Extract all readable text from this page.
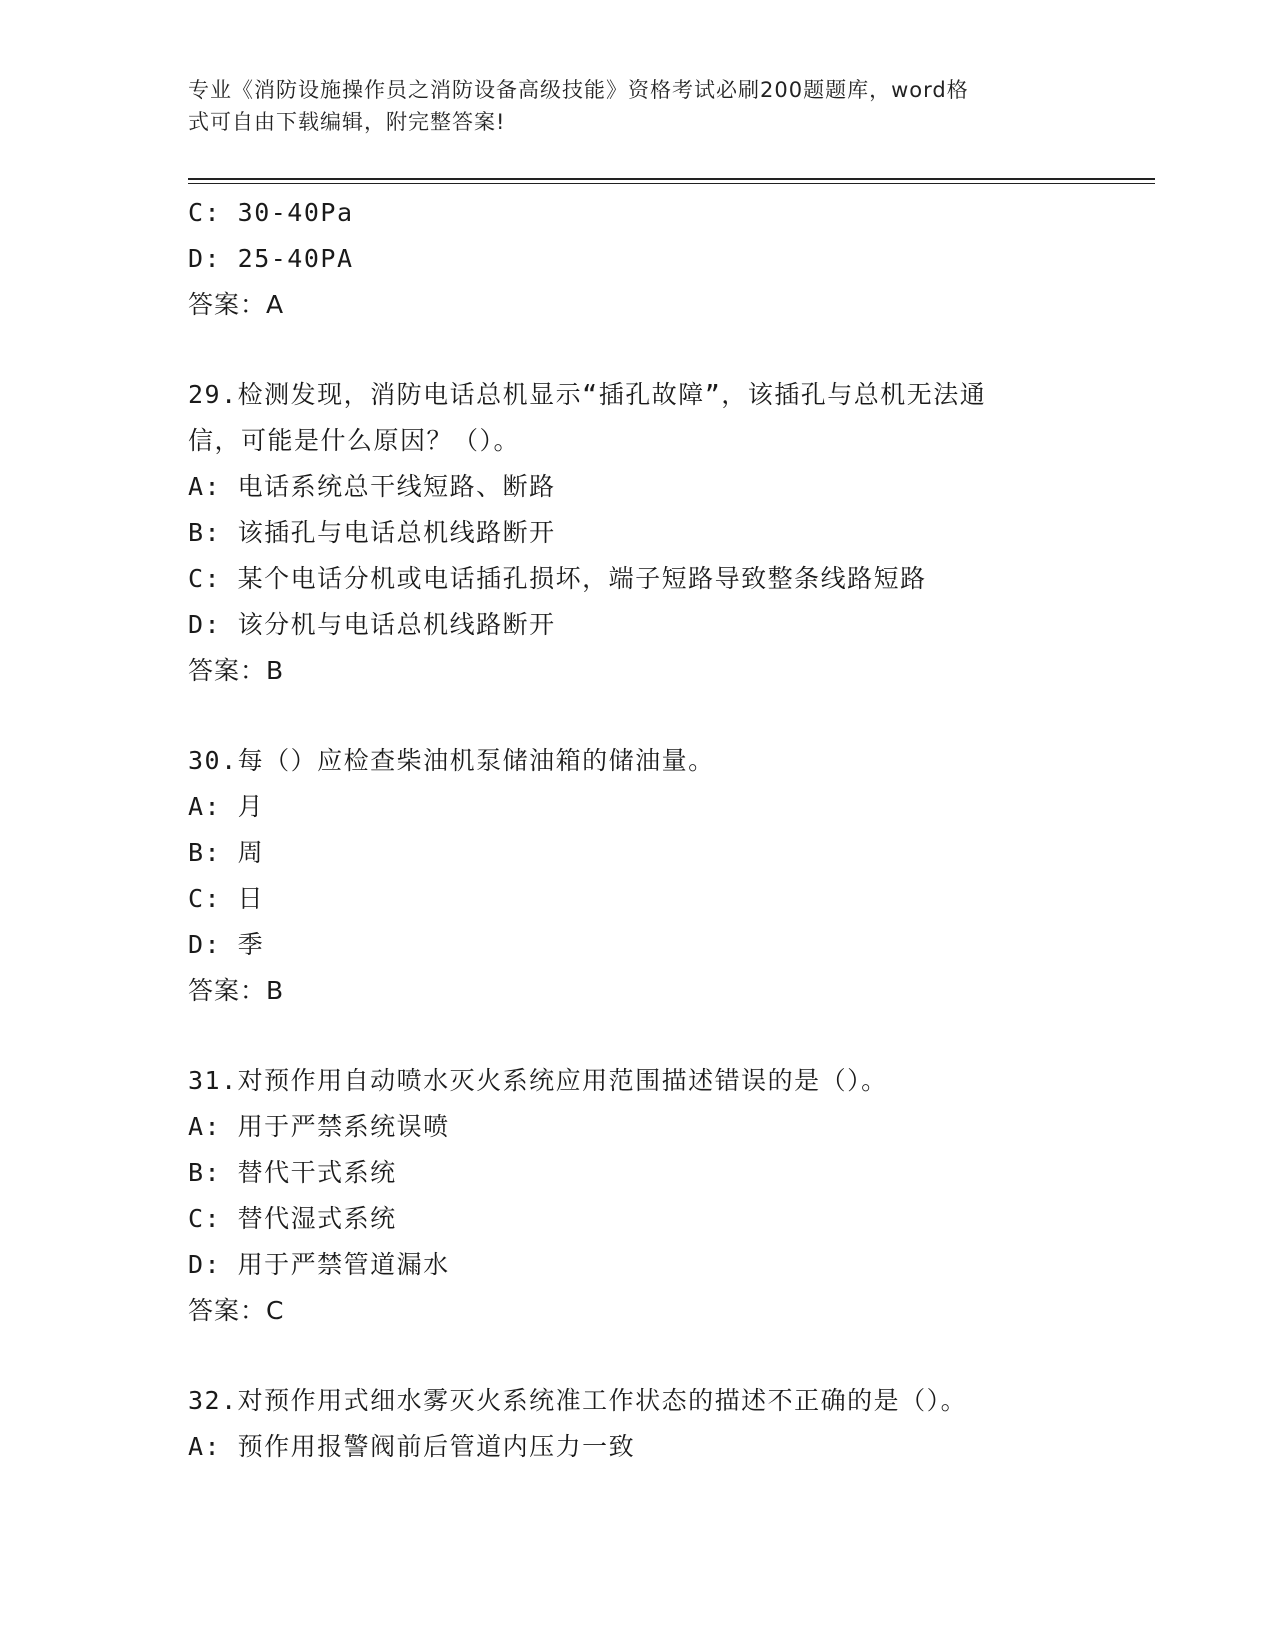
专业《消防设施操作员之消防设备高级技能》资格考试必刷200题题库，word格
式可自由下载编辑，附完整答案!
C: 30-40Pa
D: 25-40PA
答案：A
29.检测发现，消防电话总机显示“插孔故障”，该插孔与总机无法通
信，可能是什么原因？（）。
A: 电话系统总干线短路、断路
B: 该插孔与电话总机线路断开
C: 某个电话分机或电话插孔损坏，端子短路导致整条线路短路
D: 该分机与电话总机线路断开
答案：B
30.每（）应检查柴油机泵储油箱的储油量。
A: 月
B: 周
C: 日
D: 季
答案：B
31.对预作用自动喷水灭火系统应用范围描述错误的是（）。
A: 用于严禁系统误喷
B: 替代干式系统
C: 替代湿式系统
D: 用于严禁管道漏水
答案：C
32.对预作用式细水雾灭火系统准工作状态的描述不正确的是（）。
A: 预作用报警阀前后管道内压力一致
